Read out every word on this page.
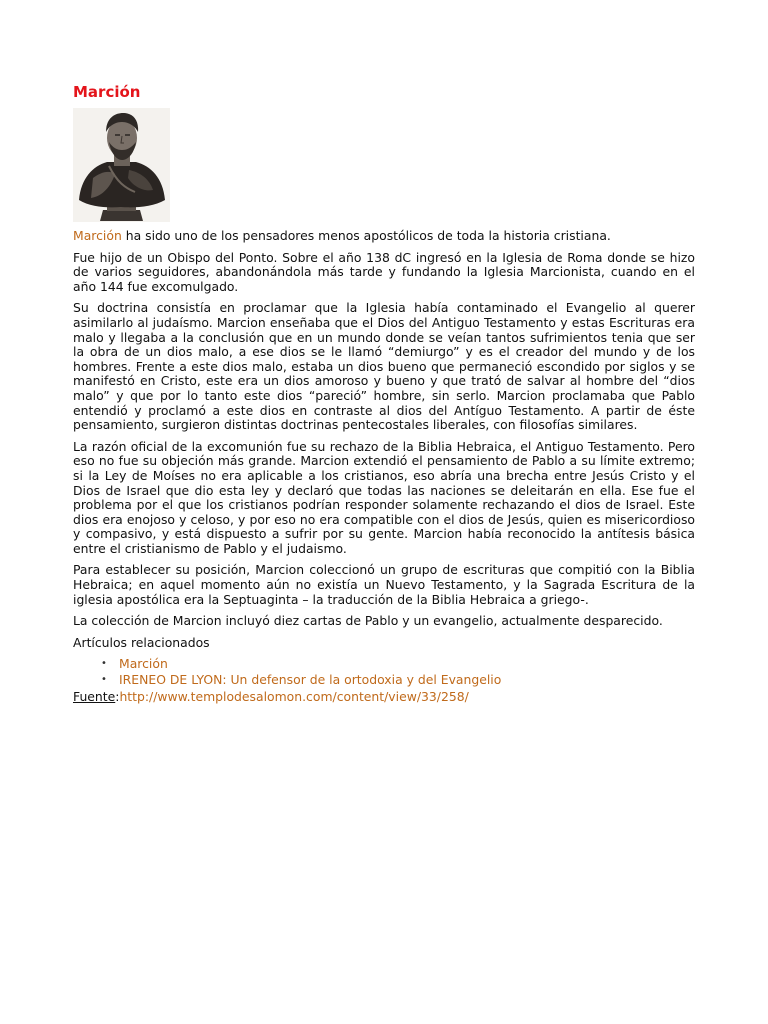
Marción

Marción ha sido uno de los pensadores menos apostólicos de toda la historia cristiana.

Fue hijo de un Obispo del Ponto. Sobre el año 138 dC ingresó en la Iglesia de Roma donde se hizo de varios seguidores, abandonándola más tarde y fundando la Iglesia Marcionista, cuando en el año 144 fue excomulgado.

Su doctrina consistía en proclamar que la Iglesia había contaminado el Evangelio al querer asimilarlo al judaísmo. Marcion enseñaba que el Dios del Antiguo Testamento y estas Escrituras era malo y llegaba a la conclusión que en un mundo donde se veían tantos sufrimientos tenia que ser la obra de un dios malo, a ese dios se le llamó “demiurgo” y es el creador del mundo y de los hombres. Frente a este dios malo, estaba un dios bueno que permaneció escondido por siglos y se manifestó en Cristo, este era un dios amoroso y bueno y que trató de salvar al hombre del “dios malo” y que por lo tanto este dios “pareció” hombre, sin serlo. Marcion proclamaba que Pablo entendió y proclamó a este dios en contraste al dios del Antíguo Testamento. A partir de éste pensamiento, surgieron distintas doctrinas pentecostales liberales, con filosofías similares.

La razón oficial de la excomunión fue su rechazo de la Biblia Hebraica, el Antiguo Testamento. Pero eso no fue su objeción más grande. Marcion extendió el pensamiento de Pablo a su límite extremo; si la Ley de Moíses no era aplicable a los cristianos, eso abría una brecha entre Jesús Cristo y el Dios de Israel que dio esta ley y declaró que todas las naciones se deleitarán en ella. Ese fue el problema por el que los cristianos podrían responder solamente rechazando el dios de Israel. Este dios era enojoso y celoso, y por eso no era compatible con el dios de Jesús, quien es misericordioso y compasivo, y está dispuesto a sufrir por su gente. Marcion había reconocido la antítesis básica entre el cristianismo de Pablo y el judaismo.

Para establecer su posición, Marcion coleccionó un grupo de escrituras que compitió con la Biblia Hebraica; en aquel momento aún no existía un Nuevo Testamento, y la Sagrada Escritura de la iglesia apostólica era la Septuaginta – la traducción de la Biblia Hebraica a griego-.

La colección de Marcion incluyó diez cartas de Pablo y un evangelio, actualmente desparecido.

Artículos relacionados

• Marción
• IRENEO DE LYON: Un defensor de la ortodoxia y del Evangelio

Fuente:http://www.templodesalomon.com/content/view/33/258/
